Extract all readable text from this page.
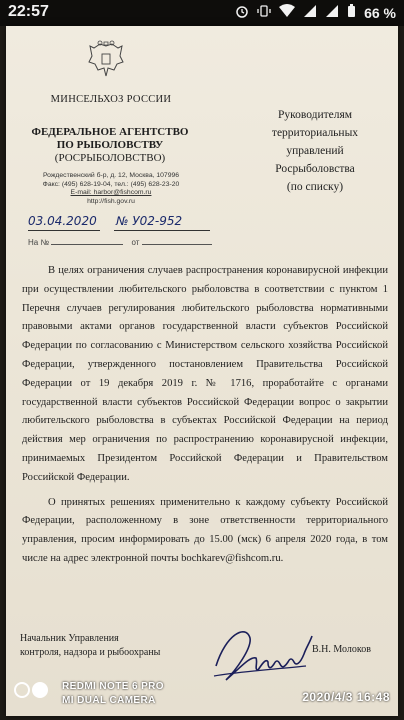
22:57	66 %
МИНСЕЛЬХОЗ РОССИИ
ФЕДЕРАЛЬНОЕ АГЕНТСТВО
ПО РЫБОЛОВСТВУ
(РОСРЫБОЛОВСТВО)
Рождественский б-р, д. 12, Москва, 107996
Факс: (495) 628-19-04, тел.: (495) 628-23-20
E-mail: harbor@fishcom.ru
http://fish.gov.ru
Руководителям
территориальных управлений
Росрыболовства
(по списку)
03.04.2020 № У02-952
На №	от

В целях ограничения случаев распространения коронавирусной инфекции при осуществлении любительского рыболовства в соответствии с пунктом 1 Перечня случаев регулирования любительского рыболовства нормативными правовыми актами органов государственной власти субъектов Российской Федерации по согласованию с Министерством сельского хозяйства Российской Федерации, утвержденного постановлением Правительства Российской Федерации от 19 декабря 2019 г. № 1716, проработайте с органами государственной власти субъектов Российской Федерации вопрос о закрытии любительского рыболовства в субъектах Российской Федерации на период действия мер ограничения по распространению коронавирусной инфекции, принимаемых Президентом Российской Федерации и Правительством Российской Федерации.

О принятых решениях применительно к каждому субъекту Росcийской Федерации, расположенному в зоне ответственности территориального управления, просим информировать до 15.00 (мск) 6 апреля 2020 года, в том числе на адрес электронной почты bochkarev@fishcom.ru.

Начальник Управления
контроля, надзора и рыбоохраны	В.Н. Молоков
REDMI NOTE 6 PRO
MI DUAL CAMERA	2020/4/3 16:48
